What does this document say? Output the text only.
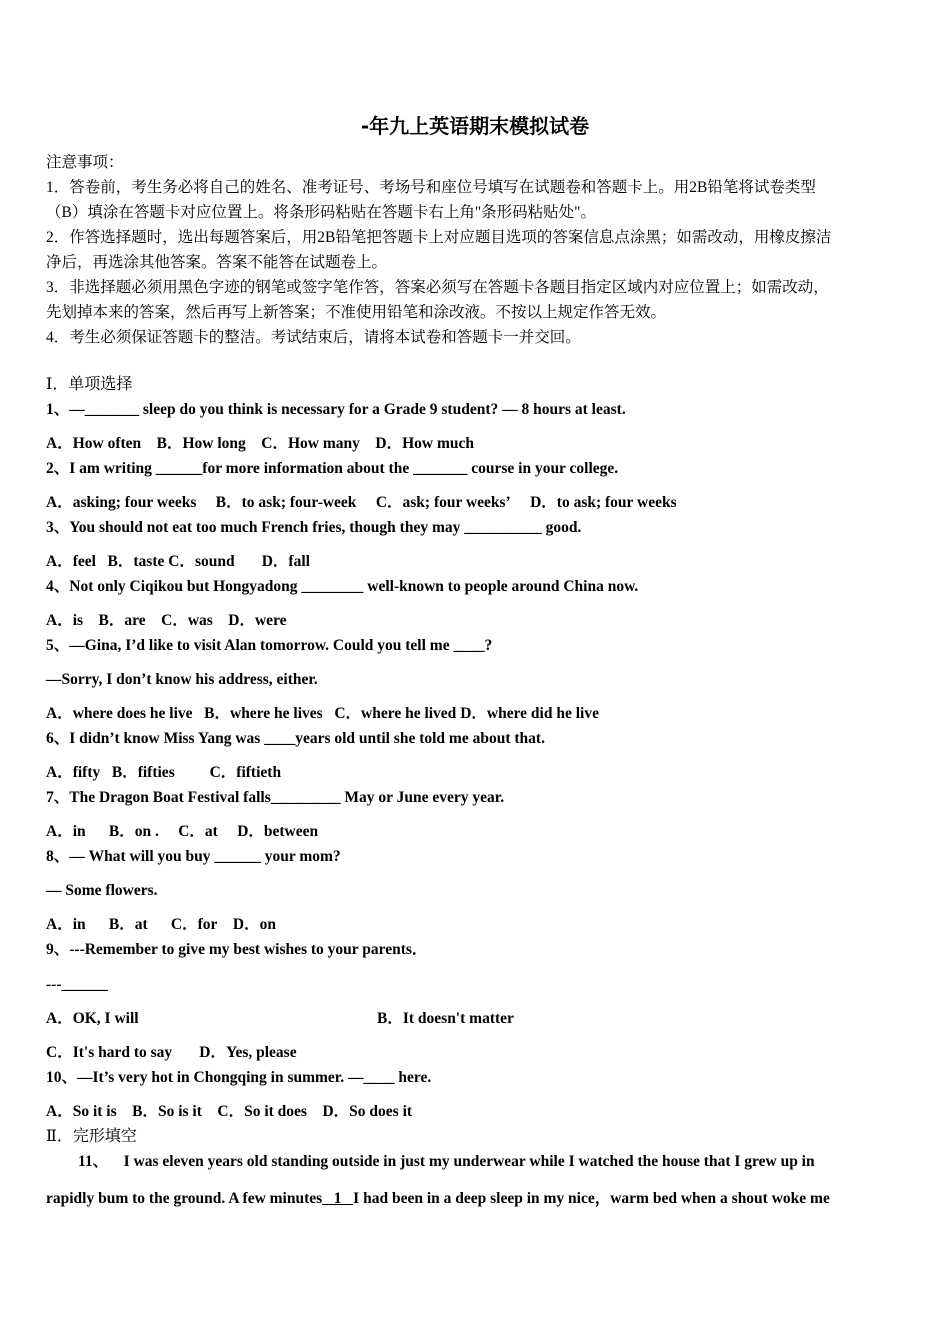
-年九上英语期末模拟试卷
注意事项：
1．答卷前，考生务必将自己的姓名、准考证号、考场号和座位号填写在试题卷和答题卡上。用2B铅笔将试卷类型
（B）填涂在答题卡对应位置上。将条形码粘贴在答题卡右上角"条形码粘贴处"。
2．作答选择题时，选出每题答案后，用2B铅笔把答题卡上对应题目选项的答案信息点涂黑；如需改动，用橡皮擦洁
净后，再选涂其他答案。答案不能答在试题卷上。
3．非选择题必须用黑色字迹的钢笔或签字笔作答，答案必须写在答题卡各题目指定区域内对应位置上；如需改动，
先划掉本来的答案，然后再写上新答案；不准使用铅笔和涂改液。不按以上规定作答无效。
4．考生必须保证答题卡的整洁。考试结束后，请将本试卷和答题卡一并交回。
Ⅰ．单项选择
1、—_______ sleep do you think is necessary for a Grade 9 student? — 8 hours at least.
A．How often B．How long C．How many D．How much
2、I am writing ______for more information about the _______ course in your college.
A．asking; four weeks B．to ask; four-week C．ask; four weeks’ D．to ask; four weeks
3、You should not eat too much French fries, though they may __________ good.
A．feel B．taste C．sound D．fall
4、Not only Ciqikou but Hongyadong ________ well-known to people around China now.
A．is B．are C．was D．were
5、—Gina, I’d like to visit Alan tomorrow. Could you tell me ____?
—Sorry, I don’t know his address, either.
A．where does he live B．where he lives C．where he lived D．where did he live
6、I didn’t know Miss Yang was ____years old until she told me about that.
A．fifty B．fifties C．fiftieth
7、The Dragon Boat Festival falls_________ May or June every year.
A．in B．on . C．at D．between
8、— What will you buy ______ your mom?
— Some flowers.
A．in B．at C．for D．on
9、---Remember to give my best wishes to your parents．
---______
A．OK, I will	B．It doesn't matter
C．It's hard to say D．Yes, please
10、—It’s very hot in Chongqing in summer. —____ here.
A．So it is B．So is it C．So it does D．So does it
Ⅱ．完形填空
11、 I was eleven years old standing outside in just my underwear while I watched the house that I grew up in
rapidly bum to the ground. A few minutes   1   I had been in a deep sleep in my nice，warm bed when a shout woke me
